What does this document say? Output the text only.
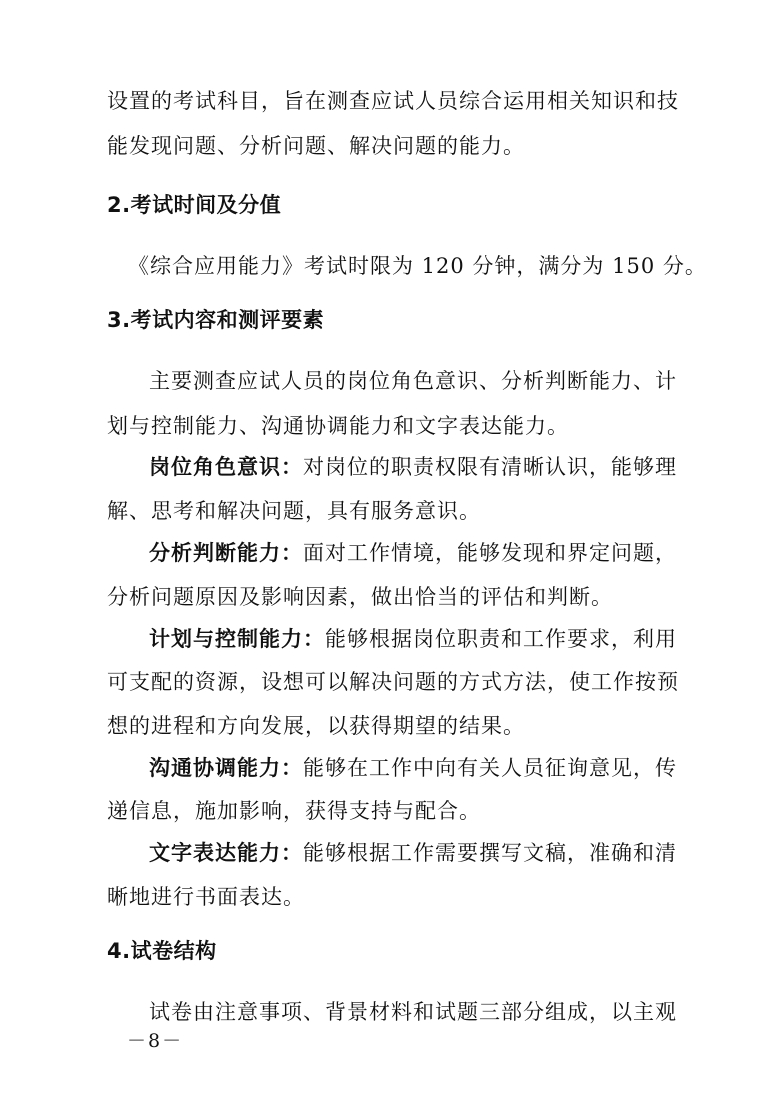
设置的考试科目，旨在测查应试人员综合运用相关知识和技
能发现问题、分析问题、解决问题的能力。
2.考试时间及分值
《综合应用能力》考试时限为 120 分钟，满分为 150 分。
3.考试内容和测评要素
主要测查应试人员的岗位角色意识、分析判断能力、计
划与控制能力、沟通协调能力和文字表达能力。
岗位角色意识：对岗位的职责权限有清晰认识，能够理
解、思考和解决问题，具有服务意识。
分析判断能力：面对工作情境，能够发现和界定问题，
分析问题原因及影响因素，做出恰当的评估和判断。
计划与控制能力：能够根据岗位职责和工作要求，利用
可支配的资源，设想可以解决问题的方式方法，使工作按预
想的进程和方向发展，以获得期望的结果。
沟通协调能力：能够在工作中向有关人员征询意见，传
递信息，施加影响，获得支持与配合。
文字表达能力：能够根据工作需要撰写文稿，准确和清
晰地进行书面表达。
4.试卷结构
试卷由注意事项、背景材料和试题三部分组成，以主观
－8－
